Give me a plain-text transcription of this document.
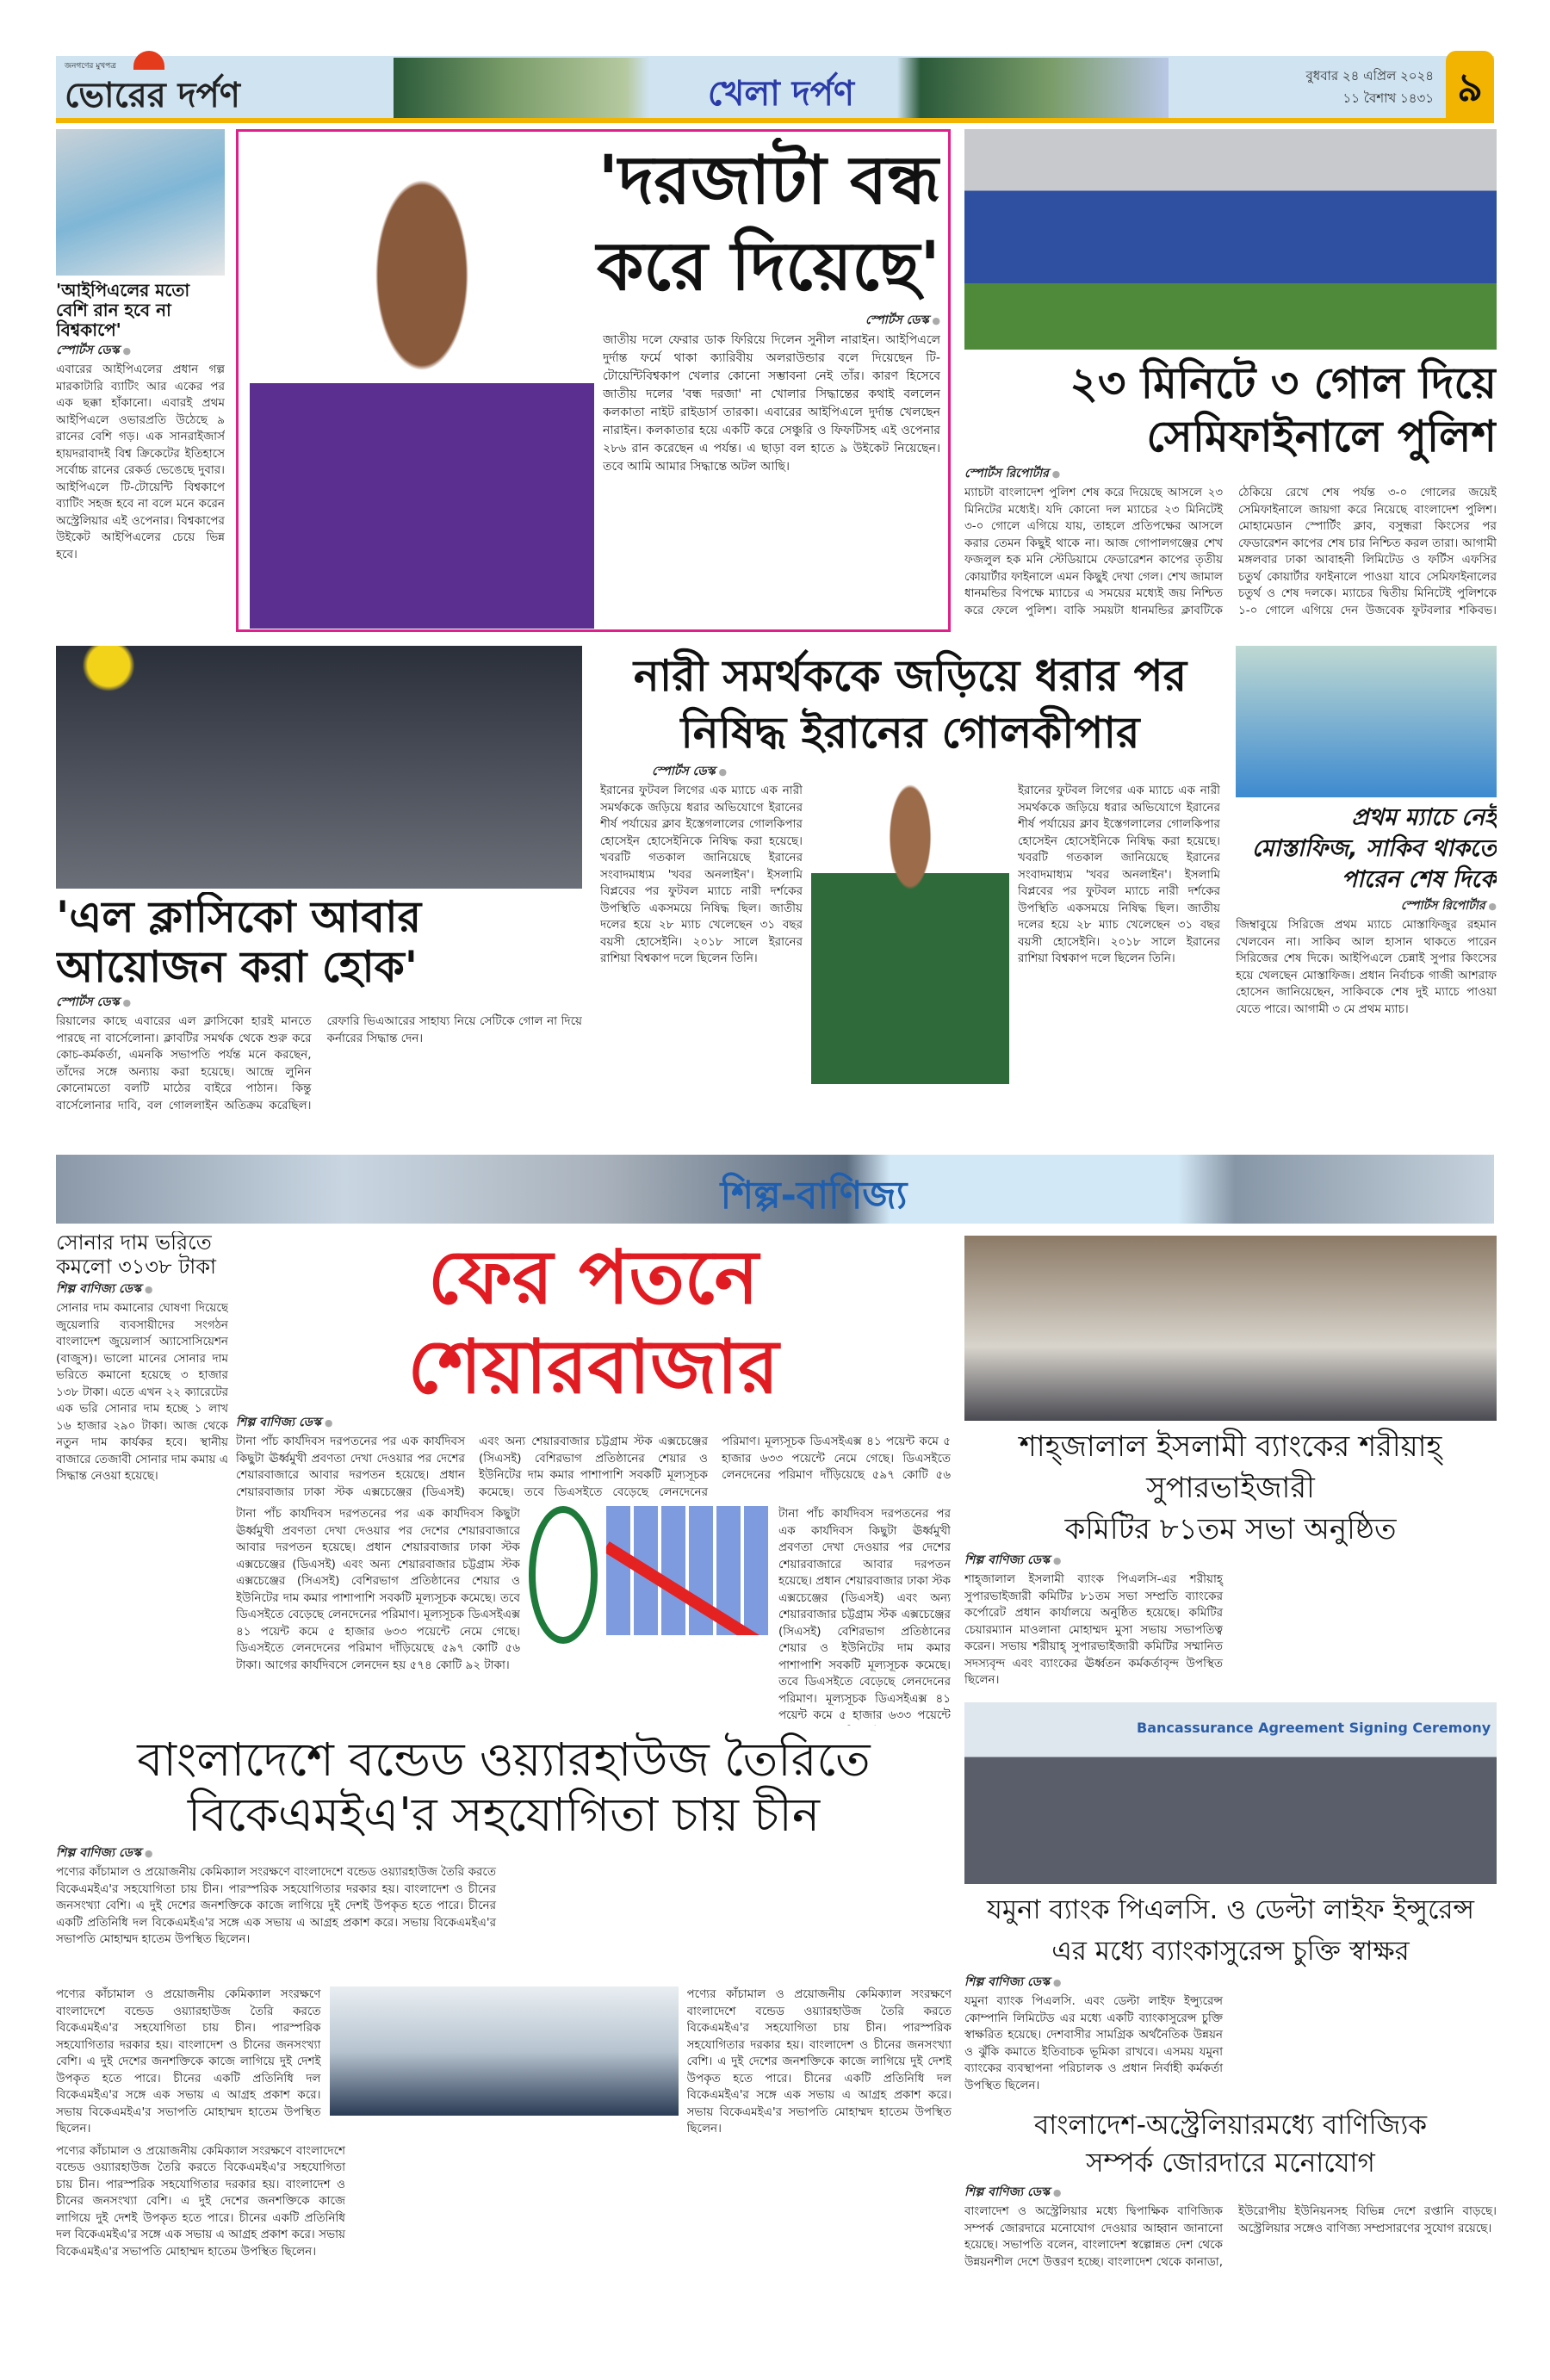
জনগণের মুখপত্র
ভোরের দর্পণ	খেলা দর্পণ	বুধবার ২৪ এপ্রিল ২০২৪
১১ বৈশাখ ১৪৩১ ৯
'আইপিএলের মতো বেশি রান হবে না বিশ্বকাপে'
স্পোর্টস ডেস্ক ●
এবারের আইপিএলের প্রধান গল্প মারকাটারি ব্যাটিং আর একের পর এক ছক্কা হাঁকানো। এবারই প্রথম আইপিএলে ওভারপ্রতি উঠেছে ৯ রানের বেশি গড়। এক সানরাইজার্স হায়দরাবাদই বিশ্ব ক্রিকেটের ইতিহাসে সর্বোচ্চ রানের রেকর্ড ভেঙেছে দুবার। আইপিএলে টি-টোয়েন্টি বিশ্বকাপে ব্যাটিং সহজ হবে না বলে মনে করেন অস্ট্রেলিয়ার এই ওপেনার। বিশ্বকাপের উইকেট আইপিএলের চেয়ে ভিন্ন হবে।
'দরজাটা বন্ধ
করে দিয়েছে'
স্পোর্টস ডেস্ক ●
জাতীয় দলে ফেরার ডাক ফিরিয়ে দিলেন সুনীল নারাইন। আইপিএলে দুর্দান্ত ফর্মে থাকা ক্যারিবীয় অলরাউন্ডার বলে দিয়েছেন টি-টোয়েন্টিবিশ্বকাপ খেলার কোনো সম্ভাবনা নেই তাঁর। কারণ হিসেবে জাতীয় দলের 'বন্ধ দরজা' না খোলার সিদ্ধান্তের কথাই বললেন কলকাতা নাইট রাইডার্স তারকা। এবারের আইপিএলে দুর্দান্ত খেলছেন নারাইন। কলকাতার হয়ে একটি করে সেঞ্চুরি ও ফিফটিসহ এই ওপেনার ২৮৬ রান করেছেন এ পর্যন্ত। এ ছাড়া বল হাতে ৯ উইকেট নিয়েছেন। তবে আমি আমার সিদ্ধান্তে অটল আছি।
২৩ মিনিটে ৩ গোল দিয়ে
সেমিফাইনালে পুলিশ
স্পোর্টস রিপোর্টার ●
ম্যাচটা বাংলাদেশ পুলিশ শেষ করে দিয়েছে আসলে ২৩ মিনিটের মধ্যেই। যদি কোনো দল ম্যাচের ২৩ মিনিটেই ৩-০ গোলে এগিয়ে যায়, তাহলে প্রতিপক্ষের আসলে করার তেমন কিছুই থাকে না। আজ গোপালগঞ্জের শেখ ফজলুল হক মনি স্টেডিয়ামে ফেডারেশন কাপের তৃতীয় কোয়ার্টার ফাইনালে এমন কিছুই দেখা গেল। শেখ জামাল ধানমন্ডির বিপক্ষে ম্যাচের এ সময়ের মধ্যেই জয় নিশ্চিত করে ফেলে পুলিশ। বাকি সময়টা ধানমন্ডির ক্লাবটিকে ঠেকিয়ে রেখে শেষ পর্যন্ত ৩-০ গোলের জয়েই সেমিফাইনালে জায়গা করে নিয়েছে বাংলাদেশ পুলিশ। মোহামেডান স্পোর্টিং ক্লাব, বসুন্ধরা কিংসের পর ফেডারেশন কাপের শেষ চার নিশ্চিত করল তারা। আগামী মঙ্গলবার ঢাকা আবাহনী লিমিটেড ও ফর্টিস এফসির চতুর্থ কোয়ার্টার ফাইনালে পাওয়া যাবে সেমিফাইনালের চতুর্থ ও শেষ দলকে। ম্যাচের দ্বিতীয় মিনিটেই পুলিশকে ১-০ গোলে এগিয়ে দেন উজবেক ফুটবলার শকিবভ।
'এল ক্লাসিকো আবার
আয়োজন করা হোক'
স্পোর্টস ডেস্ক ●
রিয়ালের কাছে এবারের এল ক্লাসিকো হারই মানতে পারছে না বার্সেলোনা। ক্লাবটির সমর্থক থেকে শুরু করে কোচ-কর্মকর্তা, এমনকি সভাপতি পর্যন্ত মনে করছেন, তাঁদের সঙ্গে অন্যায় করা হয়েছে। আন্দ্রে লুনিন কোনোমতো বলটি মাঠের বাইরে পাঠান। কিন্তু বার্সেলোনার দাবি, বল গোললাইন অতিক্রম করেছিল। রেফারি ভিএআরের সাহায্য নিয়ে সেটিকে গোল না দিয়ে কর্নারের সিদ্ধান্ত দেন।
নারী সমর্থককে জড়িয়ে ধরার পর
নিষিদ্ধ ইরানের গোলকীপার
স্পোর্টস ডেস্ক ●
ইরানের ফুটবল লিগের এক ম্যাচে এক নারী সমর্থককে জড়িয়ে ধরার অভিযোগে ইরানের শীর্ষ পর্যায়ের ক্লাব ইস্তেগলালের গোলকিপার হোসেইন হোসেইনিকে নিষিদ্ধ করা হয়েছে। খবরটি গতকাল জানিয়েছে ইরানের সংবাদমাধ্যম 'খবর অনলাইন'। ইসলামি বিপ্লবের পর ফুটবল ম্যাচে নারী দর্শকের উপস্থিতি একসময়ে নিষিদ্ধ ছিল। জাতীয় দলের হয়ে ২৮ ম্যাচ খেলেছেন ৩১ বছর বয়সী হোসেইনি। ২০১৮ সালে ইরানের রাশিয়া বিশ্বকাপ দলে ছিলেন তিনি।
ইরানের ফুটবল লিগের এক ম্যাচে এক নারী সমর্থককে জড়িয়ে ধরার অভিযোগে ইরানের শীর্ষ পর্যায়ের ক্লাব ইস্তেগলালের গোলকিপার হোসেইন হোসেইনিকে নিষিদ্ধ করা হয়েছে। খবরটি গতকাল জানিয়েছে ইরানের সংবাদমাধ্যম 'খবর অনলাইন'। ইসলামি বিপ্লবের পর ফুটবল ম্যাচে নারী দর্শকের উপস্থিতি একসময়ে নিষিদ্ধ ছিল। জাতীয় দলের হয়ে ২৮ ম্যাচ খেলেছেন ৩১ বছর বয়সী হোসেইনি। ২০১৮ সালে ইরানের রাশিয়া বিশ্বকাপ দলে ছিলেন তিনি।
প্রথম ম্যাচে নেই
মোস্তাফিজ, সাকিব থাকতে
পারেন শেষ দিকে
স্পোর্টস রিপোর্টার ●
জিম্বাবুয়ে সিরিজে প্রথম ম্যাচে মোস্তাফিজুর রহমান খেলবেন না। সাকিব আল হাসান থাকতে পারেন সিরিজের শেষ দিকে। আইপিএলে চেন্নাই সুপার কিংসের হয়ে খেলছেন মোস্তাফিজ। প্রধান নির্বাচক গাজী আশরাফ হোসেন জানিয়েছেন, সাকিবকে শেষ দুই ম্যাচে পাওয়া যেতে পারে। আগামী ৩ মে প্রথম ম্যাচ।
শিল্প-বাণিজ্য
সোনার দাম ভরিতে কমলো ৩১৩৮ টাকা
শিল্প বাণিজ্য ডেস্ক ●
সোনার দাম কমানোর ঘোষণা দিয়েছে জুয়েলারি ব্যবসায়ীদের সংগঠন বাংলাদেশ জুয়েলার্স অ্যাসোসিয়েশন (বাজুস)। ভালো মানের সোনার দাম ভরিতে কমানো হয়েছে ৩ হাজার ১৩৮ টাকা। এতে এখন ২২ ক্যারেটের এক ভরি সোনার দাম হচ্ছে ১ লাখ ১৬ হাজার ২৯০ টাকা। আজ থেকে নতুন দাম কার্যকর হবে। স্থানীয় বাজারে তেজাবী সোনার দাম কমায় এ সিদ্ধান্ত নেওয়া হয়েছে।
ফের পতনে শেয়ারবাজার
শিল্প বাণিজ্য ডেস্ক ●
টানা পাঁচ কার্যদিবস দরপতনের পর এক কার্যদিবস কিছুটা ঊর্ধ্বমুখী প্রবণতা দেখা দেওয়ার পর দেশের শেয়ারবাজারে আবার দরপতন হয়েছে। প্রধান শেয়ারবাজার ঢাকা স্টক এক্সচেঞ্জের (ডিএসই) এবং অন্য শেয়ারবাজার চট্টগ্রাম স্টক এক্সচেঞ্জের (সিএসই) বেশিরভাগ প্রতিষ্ঠানের শেয়ার ও ইউনিটের দাম কমার পাশাপাশি সবকটি মূল্যসূচক কমেছে। তবে ডিএসইতে বেড়েছে লেনদেনের পরিমাণ। মূল্যসূচক ডিএসইএক্স ৪১ পয়েন্ট কমে ৫ হাজার ৬৩৩ পয়েন্টে নেমে গেছে। ডিএসইতে লেনদেনের পরিমাণ দাঁড়িয়েছে ৫৯৭ কোটি ৫৬
টানা পাঁচ কার্যদিবস দরপতনের পর এক কার্যদিবস কিছুটা ঊর্ধ্বমুখী প্রবণতা দেখা দেওয়ার পর দেশের শেয়ারবাজারে আবার দরপতন হয়েছে। প্রধান শেয়ারবাজার ঢাকা স্টক এক্সচেঞ্জের (ডিএসই) এবং অন্য শেয়ারবাজার চট্টগ্রাম স্টক এক্সচেঞ্জের (সিএসই) বেশিরভাগ প্রতিষ্ঠানের শেয়ার ও ইউনিটের দাম কমার পাশাপাশি সবকটি মূল্যসূচক কমেছে। তবে ডিএসইতে বেড়েছে লেনদেনের পরিমাণ। মূল্যসূচক ডিএসইএক্স ৪১ পয়েন্ট কমে ৫ হাজার ৬৩৩ পয়েন্টে নেমে গেছে। ডিএসইতে লেনদেনের পরিমাণ দাঁড়িয়েছে ৫৯৭ কোটি ৫৬ টাকা। আগের কার্যদিবসে লেনদেন হয় ৫৭৪ কোটি ৯২ টাকা।
টানা পাঁচ কার্যদিবস দরপতনের পর এক কার্যদিবস কিছুটা ঊর্ধ্বমুখী প্রবণতা দেখা দেওয়ার পর দেশের শেয়ারবাজারে আবার দরপতন হয়েছে। প্রধান শেয়ারবাজার ঢাকা স্টক এক্সচেঞ্জের (ডিএসই) এবং অন্য শেয়ারবাজার চট্টগ্রাম স্টক এক্সচেঞ্জের (সিএসই) বেশিরভাগ প্রতিষ্ঠানের শেয়ার ও ইউনিটের দাম কমার পাশাপাশি সবকটি মূল্যসূচক কমেছে। তবে ডিএসইতে বেড়েছে লেনদেনের পরিমাণ। মূল্যসূচক ডিএসইএক্স ৪১ পয়েন্ট কমে ৫ হাজার ৬৩৩ পয়েন্টে
শাহ্‌জালাল ইসলামী ব্যাংকের শরীয়াহ্ সুপারভাইজারী
কমিটির ৮১তম সভা অনুষ্ঠিত
শিল্প বাণিজ্য ডেস্ক ●
শাহ্‌জালাল ইসলামী ব্যাংক পিএলসি-এর শরীয়াহ্ সুপারভাইজারী কমিটির ৮১তম সভা সম্প্রতি ব্যাংকের কর্পোরেট প্রধান কার্যালয়ে অনুষ্ঠিত হয়েছে। কমিটির চেয়ারম্যান মাওলানা মোহাম্মদ মুসা সভায় সভাপতিত্ব করেন। সভায় শরীয়াহ্ সুপারভাইজারী কমিটির সম্মানিত সদস্যবৃন্দ এবং ব্যাংকের ঊর্ধ্বতন কর্মকর্তাবৃন্দ উপস্থিত ছিলেন।
বাংলাদেশে বন্ডেড ওয়্যারহাউজ তৈরিতে
বিকেএমইএ'র সহযোগিতা চায় চীন
শিল্প বাণিজ্য ডেস্ক ●
পণ্যের কাঁচামাল ও প্রয়োজনীয় কেমিক্যাল সংরক্ষণে বাংলাদেশে বন্ডেড ওয়্যারহাউজ তৈরি করতে বিকেএমইএ'র সহযোগিতা চায় চীন। পারস্পরিক সহযোগিতার দরকার হয়। বাংলাদেশ ও চীনের জনসংখ্যা বেশি। এ দুই দেশের জনশক্তিকে কাজে লাগিয়ে দুই দেশই উপকৃত হতে পারে। চীনের একটি প্রতিনিধি দল বিকেএমইএ'র সঙ্গে এক সভায় এ আগ্রহ প্রকাশ করে। সভায় বিকেএমইএ'র সভাপতি মোহাম্মদ হাতেম উপস্থিত ছিলেন।
পণ্যের কাঁচামাল ও প্রয়োজনীয় কেমিক্যাল সংরক্ষণে বাংলাদেশে বন্ডেড ওয়্যারহাউজ তৈরি করতে বিকেএমইএ'র সহযোগিতা চায় চীন। পারস্পরিক সহযোগিতার দরকার হয়। বাংলাদেশ ও চীনের জনসংখ্যা বেশি। এ দুই দেশের জনশক্তিকে কাজে লাগিয়ে দুই দেশই উপকৃত হতে পারে। চীনের একটি প্রতিনিধি দল বিকেএমইএ'র সঙ্গে এক সভায় এ আগ্রহ প্রকাশ করে। সভায় বিকেএমইএ'র সভাপতি মোহাম্মদ হাতেম উপস্থিত ছিলেন।
পণ্যের কাঁচামাল ও প্রয়োজনীয় কেমিক্যাল সংরক্ষণে বাংলাদেশে বন্ডেড ওয়্যারহাউজ তৈরি করতে বিকেএমইএ'র সহযোগিতা চায় চীন। পারস্পরিক সহযোগিতার দরকার হয়। বাংলাদেশ ও চীনের জনসংখ্যা বেশি। এ দুই দেশের জনশক্তিকে কাজে লাগিয়ে দুই দেশই উপকৃত হতে পারে। চীনের একটি প্রতিনিধি দল বিকেএমইএ'র সঙ্গে এক সভায় এ আগ্রহ প্রকাশ করে। সভায় বিকেএমইএ'র সভাপতি মোহাম্মদ হাতেম উপস্থিত ছিলেন।
পণ্যের কাঁচামাল ও প্রয়োজনীয় কেমিক্যাল সংরক্ষণে বাংলাদেশে বন্ডেড ওয়্যারহাউজ তৈরি করতে বিকেএমইএ'র সহযোগিতা চায় চীন। পারস্পরিক সহযোগিতার দরকার হয়। বাংলাদেশ ও চীনের জনসংখ্যা বেশি। এ দুই দেশের জনশক্তিকে কাজে লাগিয়ে দুই দেশই উপকৃত হতে পারে। চীনের একটি প্রতিনিধি দল বিকেএমইএ'র সঙ্গে এক সভায় এ আগ্রহ প্রকাশ করে। সভায় বিকেএমইএ'র সভাপতি মোহাম্মদ হাতেম উপস্থিত ছিলেন।
Bancassurance Agreement Signing Ceremony
যমুনা ব্যাংক পিএলসি. ও ডেল্টা লাইফ ইন্সুরেন্স
এর মধ্যে ব্যাংকাসুরেন্স চুক্তি স্বাক্ষর
শিল্প বাণিজ্য ডেস্ক ●
যমুনা ব্যাংক পিএলসি. এবং ডেল্টা লাইফ ইন্স্যুরেন্স কোম্পানি লিমিটেড এর মধ্যে একটি ব্যাংকাসুরেন্স চুক্তি স্বাক্ষরিত হয়েছে। দেশবাসীর সামগ্রিক অর্থনৈতিক উন্নয়ন ও ঝুঁকি কমাতে ইতিবাচক ভূমিকা রাখবে। এসময় যমুনা ব্যাংকের ব্যবস্থাপনা পরিচালক ও প্রধান নির্বাহী কর্মকর্তা উপস্থিত ছিলেন।
বাংলাদেশ-অস্ট্রেলিয়ারমধ্যে বাণিজ্যিক
সম্পর্ক জোরদারে মনোযোগ
শিল্প বাণিজ্য ডেস্ক ●
বাংলাদেশ ও অস্ট্রেলিয়ার মধ্যে দ্বিপাক্ষিক বাণিজ্যিক সম্পর্ক জোরদারে মনোযোগ দেওয়ার আহ্বান জানানো হয়েছে। সভাপতি বলেন, বাংলাদেশ স্বল্পোন্নত দেশ থেকে উন্নয়নশীল দেশে উত্তরণ হচ্ছে। বাংলাদেশ থেকে কানাডা, ইউরোপীয় ইউনিয়নসহ বিভিন্ন দেশে রপ্তানি বাড়ছে। অস্ট্রেলিয়ার সঙ্গেও বাণিজ্য সম্প্রসারণের সুযোগ রয়েছে।
